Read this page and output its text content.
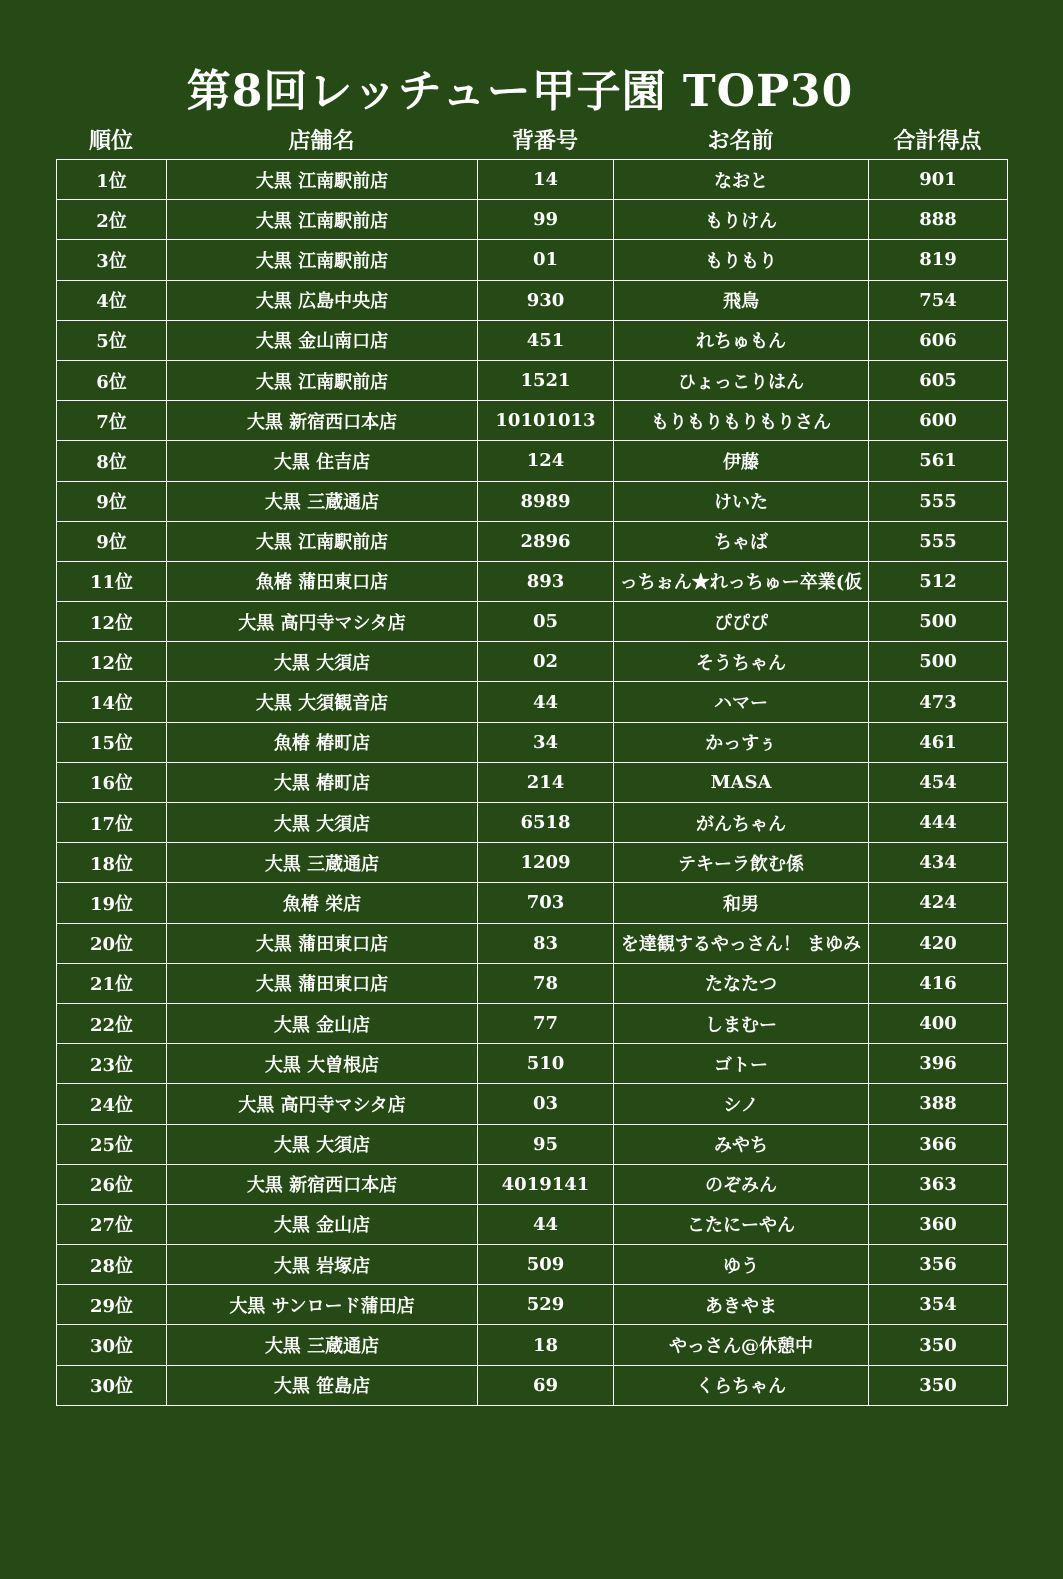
第8回レッチュー甲子園 TOP30
順位	店舗名	背番号	お名前	合計得点
1位	大黒 江南駅前店	14	なおと	901
2位	大黒 江南駅前店	99	もりけん	888
3位	大黒 江南駅前店	01	もりもり	819
4位	大黒 広島中央店	930	飛鳥	754
5位	大黒 金山南口店	451	れちゅもん	606
6位	大黒 江南駅前店	1521	ひょっこりはん	605
7位	大黒 新宿西口本店	10101013	もりもりもりもりさん	600
8位	大黒 住吉店	124	伊藤	561
9位	大黒 三蔵通店	8989	けいた	555
9位	大黒 江南駅前店	2896	ちゃば	555
11位	魚椿 蒲田東口店	893	っちぉん★れっちゅー卒業(仮	512
12位	大黒 高円寺マシタ店	05	ぴぴぴ	500
12位	大黒 大須店	02	そうちゃん	500
14位	大黒 大須観音店	44	ハマー	473
15位	魚椿 椿町店	34	かっすぅ	461
16位	大黒 椿町店	214	MASA	454
17位	大黒 大須店	6518	がんちゃん	444
18位	大黒 三蔵通店	1209	テキーラ飲む係	434
19位	魚椿 栄店	703	和男	424
20位	大黒 蒲田東口店	83	を達観するやっさん！ まゆみ	420
21位	大黒 蒲田東口店	78	たなたつ	416
22位	大黒 金山店	77	しまむー	400
23位	大黒 大曽根店	510	ゴトー	396
24位	大黒 高円寺マシタ店	03	シノ	388
25位	大黒 大須店	95	みやち	366
26位	大黒 新宿西口本店	4019141	のぞみん	363
27位	大黒 金山店	44	こたにーやん	360
28位	大黒 岩塚店	509	ゆう	356
29位	大黒 サンロード蒲田店	529	あきやま	354
30位	大黒 三蔵通店	18	やっさん@休憩中	350
30位	大黒 笹島店	69	くらちゃん	350
